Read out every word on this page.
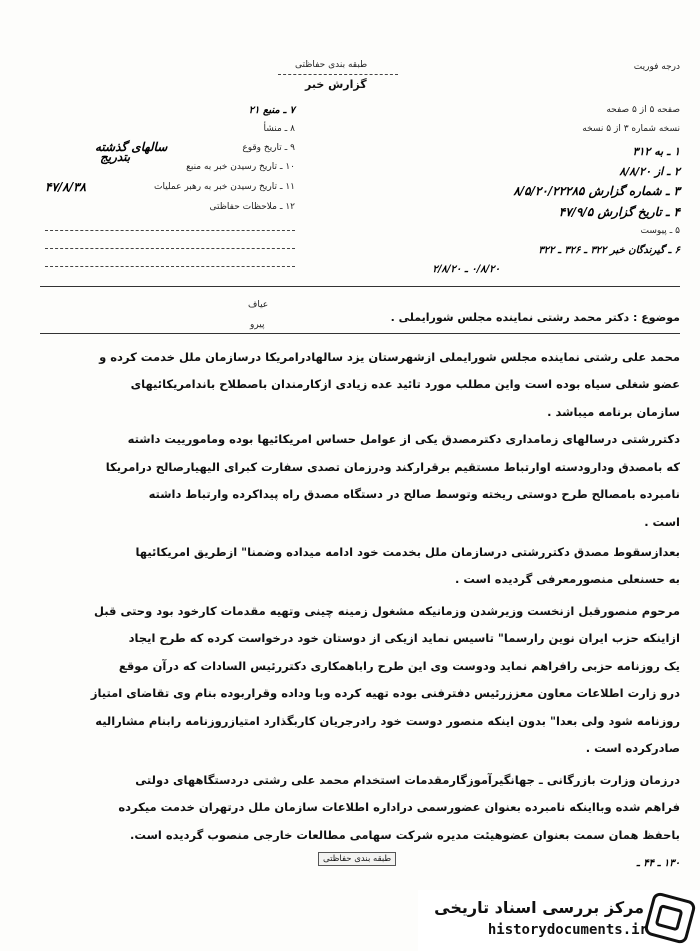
درجه فوریت
طبقه بندی حفاظتی
گزارش خبر
صفحه ۵ از ۵ صفحه
نسخه شماره ۳ از ۵ نسخه
۱ ـ به ۳۱۲
۲ ـ از ۸/۸/۲۰
۳ ـ شماره گزارش ۸/۵/۲۰/۲۲۲۸۵
۴ ـ تاریخ گزارش ۴۷/۹/۵
۵ ـ پیوست
۶ ـ گیرندگان خبر ۳۲۲ ـ ۳۲۶ ـ ۳۲۲
۰/۸/۲۰ ـ ۲/۸/۲۰
۷ ـ منبع ۲۱
۸ ـ منشأ
۹ ـ تاریخ وقوع
سالهای گذشته
۱۰ ـ تاریخ رسیدن خبر به منبع
بتدریج
۱۱ ـ تاریخ رسیدن خبر به رهبر عملیات
۴۷/۸/۳۸
۱۲ ـ ملاحظات حفاظتی
عیاف
پیرو
موضوع : دکتر محمد رشتی نماینده مجلس شورایملی .
محمد علی رشتی نماینده مجلس شورایملی ازشهرستان یزد سالهادرامریکا درسازمان ملل خدمت کرده و
عضو شغلی سیاه بوده است واین مطلب مورد تائید عده زیادی ازکارمندان باصطلاح باندامریکائیهای
سازمان برنامه میباشد .
دکتررشتی درسالهای زمامداری دکترمصدق یکی از عوامل حساس امریکائیها بوده ومامورییت داشته
که بامصدق ودارودسته اوارتباط مستقیم برقرارکند ودرزمان تصدی سفارت کبرای الیهیارصالح درامریکا
نامبرده بامصالح طرح دوستی ریخته وتوسط صالح در دستگاه مصدق راه پیداکرده وارتباط داشته
است .
بعدازسقوط مصدق دکتررشتی درسازمان ملل بخدمت خود ادامه میداده وضمنا" ازطریق امریکائیها
به حسنعلی منصورمعرفی گردیده است .
مرحوم منصورقبل ازنخست وزیرشدن وزمانیکه مشغول زمینه چینی وتهیه مقدمات کارخود بود وحتی قبل
ازاینکه حزب ایران نوین رارسما" تاسیس نماید ازیکی از دوستان خود درخواست کرده که طرح ایجاد
یک روزنامه حزبی رافراهم نماید ودوست وی این طرح راباهمکاری دکتررئیس السادات که درآن موقع
درو زارت اطلاعات معاون معززرئیس دفترفنی بوده تهیه کرده وبا وداده وقراربوده بنام وی تقاضای امتیاز
روزنامه شود ولی بعدا" بدون اینکه منصور دوست خود رادرجریان کاربگذارد امتیازروزنامه رابنام مشارالیه
صادرکرده است .
درزمان وزارت بازرگانی ـ جهانگیرآموزگارمقدمات استخدام محمد علی رشتی دردستگاههای دولتی
فراهم شده وبااینکه نامبرده بعنوان عضورسمی دراداره اطلاعات سازمان ملل درتهران خدمت میکرده
باحفظ همان سمت بعنوان عضوهیئت مدیره شرکت سهامی مطالعات خارجی منصوب گردیده است.
طبقه بندی حفاظتی	۱۳۰ ـ ۴۴ ـ
مرکز بررسی اسناد تاریخی
historydocuments.ir
